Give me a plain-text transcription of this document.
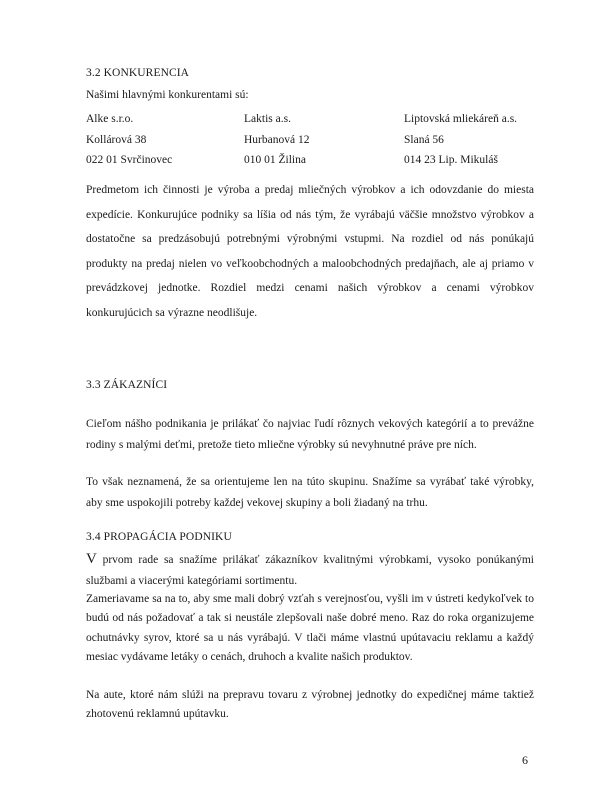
3.2 KONKURENCIA
Našimi hlavnými konkurentami sú:
Alke s.r.o.	Laktis a.s.	Liptovská mliekáreň a.s.
Kollárová 38	Hurbanová 12	Slaná 56
022 01 Svrčinovec	010 01 Žilina	014 23 Lip. Mikuláš

Predmetom ich činnosti je výroba a predaj mliečných výrobkov a ich odovzdanie do miesta expedície. Konkurujúce podniky sa líšia od nás tým, že vyrábajú väčšie množstvo výrobkov a dostatočne sa predzásobujú potrebnými výrobnými vstupmi. Na rozdiel od nás ponúkajú produkty na predaj nielen vo veľkoobchodných a maloobchodných predajňach, ale aj priamo v prevádzkovej jednotke. Rozdiel medzi cenami našich výrobkov a cenami výrobkov konkurujúcich sa výrazne neodlišuje.

3.3 ZÁKAZNÍCI

Cieľom nášho podnikania je prilákať čo najviac ľudí rôznych vekových kategórií a to prevážne rodiny s malými deťmi, pretože tieto mliečne výrobky sú nevyhnutné práve pre ních.

To však neznamená, že sa orientujeme len na túto skupinu. Snažíme sa vyrábať také výrobky, aby sme uspokojili potreby každej vekovej skupiny a boli žiadaný na trhu.

3.4 PROPAGÁCIA PODNIKU

V prvom rade sa snažíme prilákať zákazníkov kvalitnými výrobkami, vysoko ponúkanými službami a viacerými kategóriami sortimentu.

Zameriavame sa na to, aby sme mali dobrý vzťah s verejnosťou, vyšli im v ústreti kedykoľvek to budú od nás požadovať a tak si neustále zlepšovali naše dobré meno. Raz do roka organizujeme ochutnávky syrov, ktoré sa u nás vyrábajú. V tlači máme vlastnú upútavaciu reklamu a každý mesiac vydávame letáky o cenách, druhoch a kvalite našich produktov.

Na aute, ktoré nám slúži na prepravu tovaru z výrobnej jednotky do expedičnej máme taktiež zhotovenú reklamnú upútavku.

6
